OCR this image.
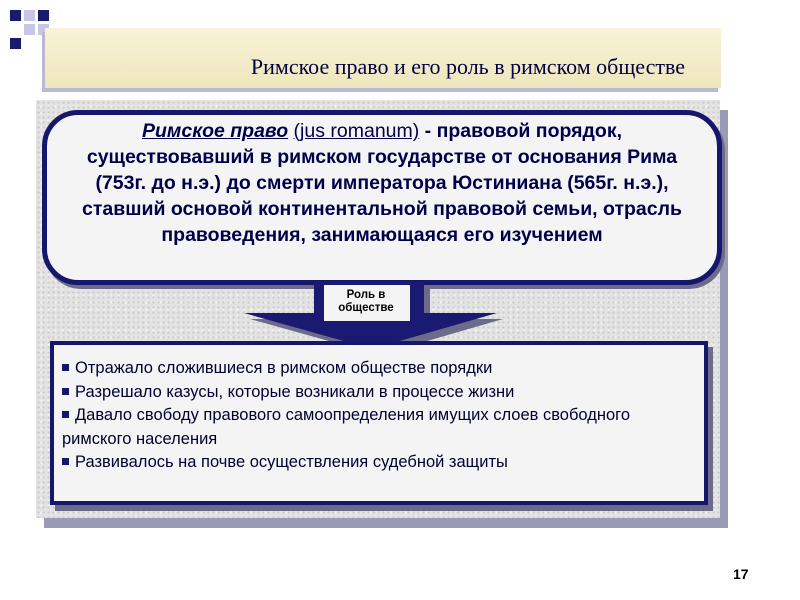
Римское право и его роль в римском обществе
Римское право (jus romanum) - правовой порядок, существовавший в римском государстве от основания Рима (753г. до н.э.) до смерти императора Юстиниана (565г. н.э.), ставший основой континентальной правовой семьи, отрасль правоведения, занимающаяся его изучением
Роль в обществе
Отражало сложившиеся в римском обществе порядки
Разрешало казусы, которые возникали в процессе жизни
Давало свободу правового самоопределения имущих слоев свободного римского населения
Развивалось на почве осуществления судебной защиты
17
